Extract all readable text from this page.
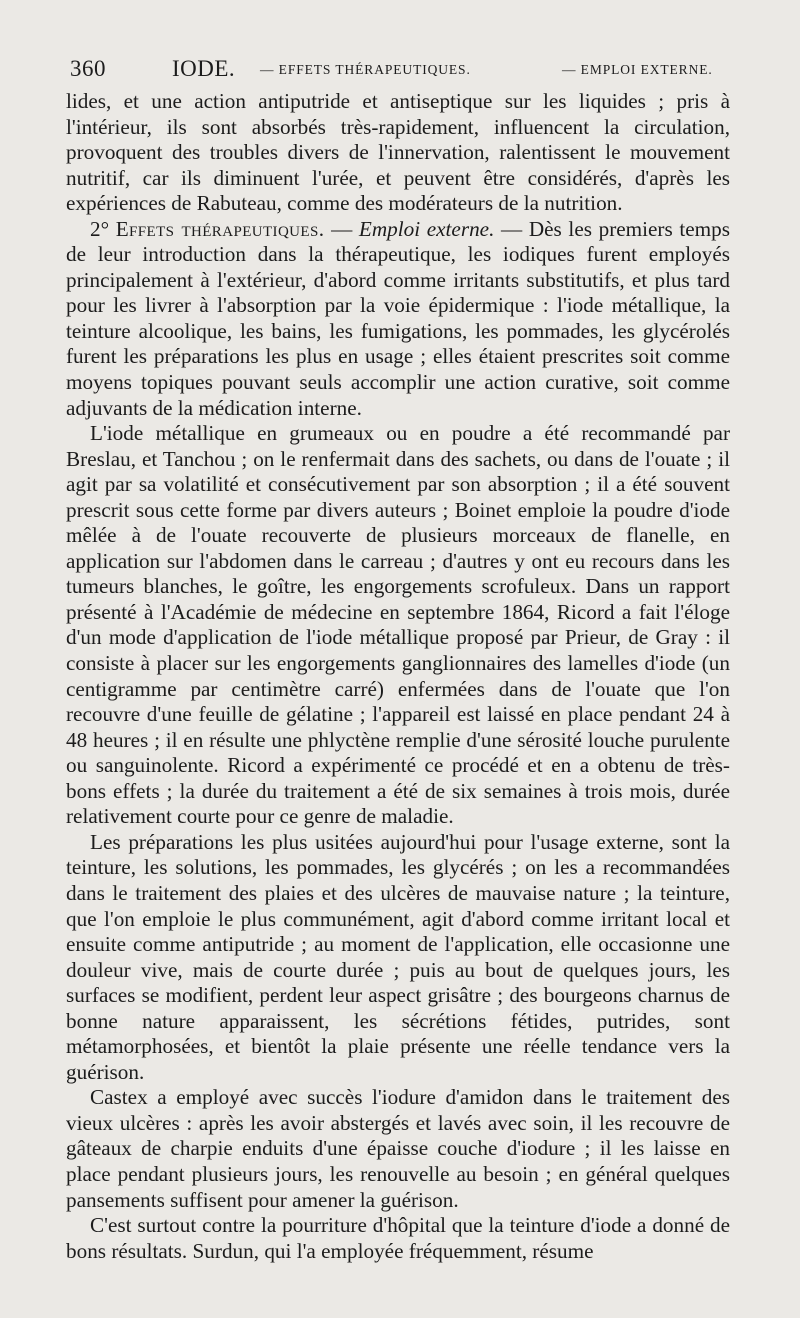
360	IODE. — EFFETS THÉRAPEUTIQUES.	— EMPLOI EXTERNE.

lides, et une action antiputride et antiseptique sur les liquides ; pris à l'intérieur, ils sont absorbés très-rapidement, influencent la circulation, provoquent des troubles divers de l'innervation, ralentissent le mouvement nutritif, car ils diminuent l'urée, et peuvent être considérés, d'après les expériences de Rabuteau, comme des modérateurs de la nutrition.

2° Effets thérapeutiques. — Emploi externe. — Dès les premiers temps de leur introduction dans la thérapeutique, les iodiques furent employés principalement à l'extérieur, d'abord comme irritants substitutifs, et plus tard pour les livrer à l'absorption par la voie épidermique : l'iode métallique, la teinture alcoolique, les bains, les fumigations, les pommades, les glycérolés furent les préparations les plus en usage ; elles étaient prescrites soit comme moyens topiques pouvant seuls accomplir une action curative, soit comme adjuvants de la médication interne.

L'iode métallique en grumeaux ou en poudre a été recommandé par Breslau, et Tanchou ; on le renfermait dans des sachets, ou dans de l'ouate ; il agit par sa volatilité et consécutivement par son absorption ; il a été souvent prescrit sous cette forme par divers auteurs ; Boinet emploie la poudre d'iode mêlée à de l'ouate recouverte de plusieurs morceaux de flanelle, en application sur l'abdomen dans le carreau ; d'autres y ont eu recours dans les tumeurs blanches, le goître, les engorgements scrofuleux. Dans un rapport présenté à l'Académie de médecine en septembre 1864, Ricord a fait l'éloge d'un mode d'application de l'iode métallique proposé par Prieur, de Gray : il consiste à placer sur les engorgements ganglionnaires des lamelles d'iode (un centigramme par centimètre carré) enfermées dans de l'ouate que l'on recouvre d'une feuille de gélatine ; l'appareil est laissé en place pendant 24 à 48 heures ; il en résulte une phlyctène remplie d'une sérosité louche purulente ou sanguinolente. Ricord a expérimenté ce procédé et en a obtenu de très-bons effets ; la durée du traitement a été de six semaines à trois mois, durée relativement courte pour ce genre de maladie.

Les préparations les plus usitées aujourd'hui pour l'usage externe, sont la teinture, les solutions, les pommades, les glycérés ; on les a recommandées dans le traitement des plaies et des ulcères de mauvaise nature ; la teinture, que l'on emploie le plus communément, agit d'abord comme irritant local et ensuite comme antiputride ; au moment de l'application, elle occasionne une douleur vive, mais de courte durée ; puis au bout de quelques jours, les surfaces se modifient, perdent leur aspect grisâtre ; des bourgeons charnus de bonne nature apparaissent, les sécrétions fétides, putrides, sont métamorphosées, et bientôt la plaie présente une réelle tendance vers la guérison.

Castex a employé avec succès l'iodure d'amidon dans le traitement des vieux ulcères : après les avoir abstergés et lavés avec soin, il les recouvre de gâteaux de charpie enduits d'une épaisse couche d'iodure ; il les laisse en place pendant plusieurs jours, les renouvelle au besoin ; en général quelques pansements suffisent pour amener la guérison.

C'est surtout contre la pourriture d'hôpital que la teinture d'iode a donné de bons résultats. Surdun, qui l'a employée fréquemment, résume
